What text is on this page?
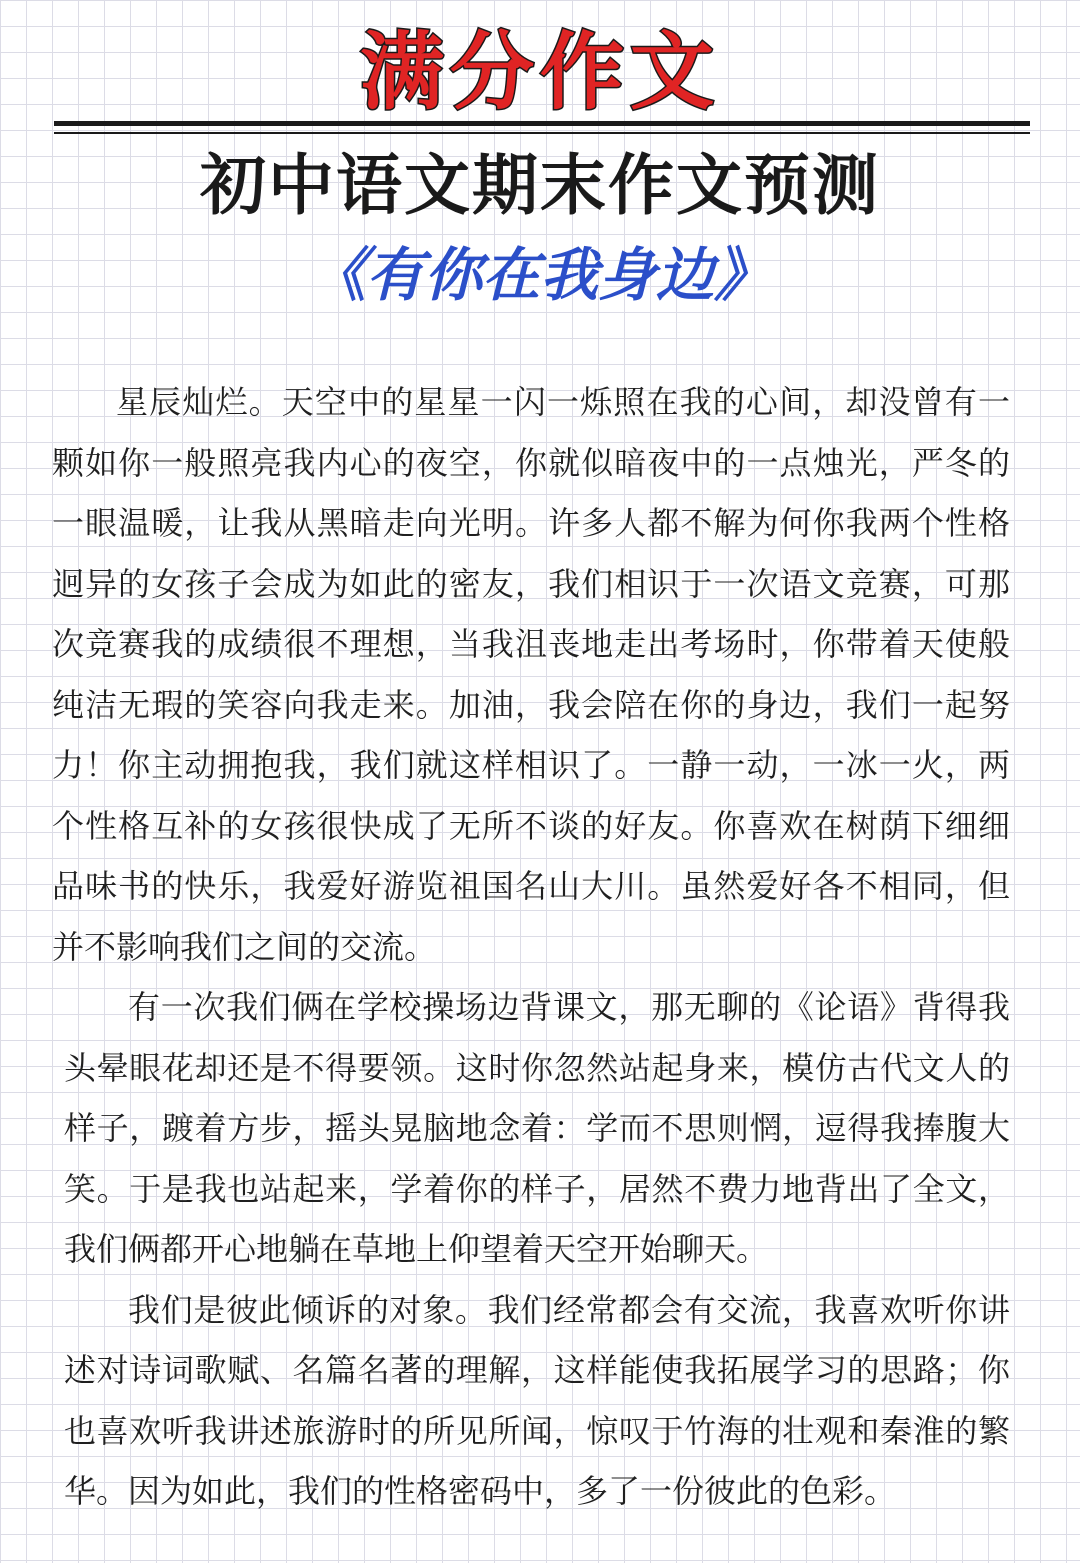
满分作文
初中语文期末作文预测
《有你在我身边》

星辰灿烂。天空中的星星一闪一烁照在我的心间，却没曾有一颗如你一般照亮我内心的夜空，你就似暗夜中的一点烛光，严冬的一眼温暖，让我从黑暗走向光明。许多人都不解为何你我两个性格迥异的女孩子会成为如此的密友，我们相识于一次语文竞赛，可那次竞赛我的成绩很不理想，当我沮丧地走出考场时，你带着天使般纯洁无瑕的笑容向我走来。加油，我会陪在你的身边，我们一起努力！你主动拥抱我，我们就这样相识了。一静一动，一冰一火，两个性格互补的女孩很快成了无所不谈的好友。你喜欢在树荫下细细品味书的快乐，我爱好游览祖国名山大川。虽然爱好各不相同，但并不影响我们之间的交流。

有一次我们俩在学校操场边背课文，那无聊的《论语》背得我头晕眼花却还是不得要领。这时你忽然站起身来，模仿古代文人的样子，踱着方步，摇头晃脑地念着：学而不思则惘，逗得我捧腹大笑。于是我也站起来，学着你的样子，居然不费力地背出了全文，我们俩都开心地躺在草地上仰望着天空开始聊天。

我们是彼此倾诉的对象。我们经常都会有交流，我喜欢听你讲述对诗词歌赋、名篇名著的理解，这样能使我拓展学习的思路；你也喜欢听我讲述旅游时的所见所闻，惊叹于竹海的壮观和秦淮的繁华。因为如此，我们的性格密码中，多了一份彼此的色彩。
